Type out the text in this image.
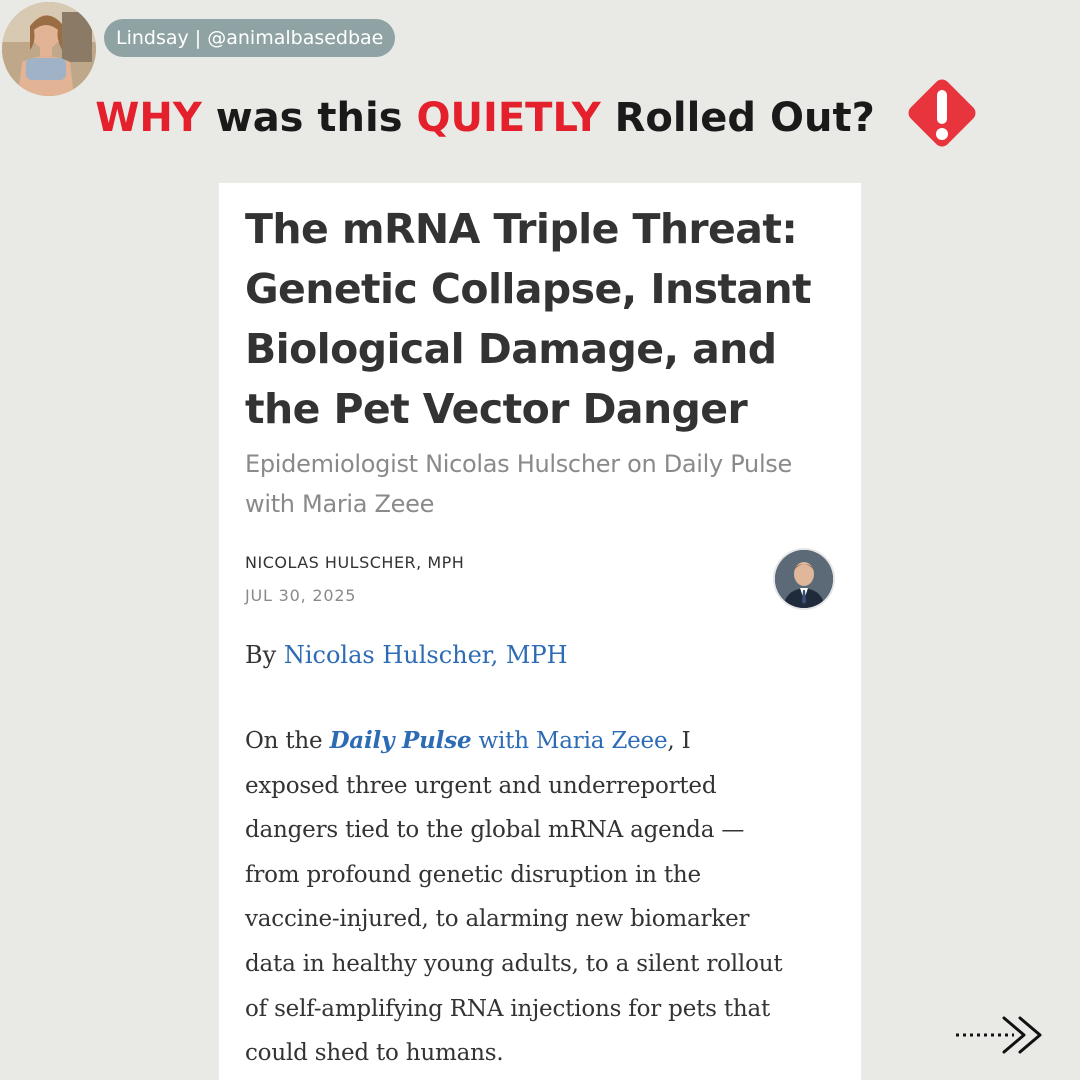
Lindsay | @animalbasedbae
WHY was this QUIETLY Rolled Out?
The mRNA Triple Threat:
Genetic Collapse, Instant
Biological Damage, and
the Pet Vector Danger
Epidemiologist Nicolas Hulscher on Daily Pulse
with Maria Zeee
NICOLAS HULSCHER, MPH
JUL 30, 2025
By Nicolas Hulscher, MPH
On the Daily Pulse with Maria Zeee, I
exposed three urgent and underreported
dangers tied to the global mRNA agenda —
from profound genetic disruption in the
vaccine-injured, to alarming new biomarker
data in healthy young adults, to a silent rollout
of self-amplifying RNA injections for pets that
could shed to humans.
